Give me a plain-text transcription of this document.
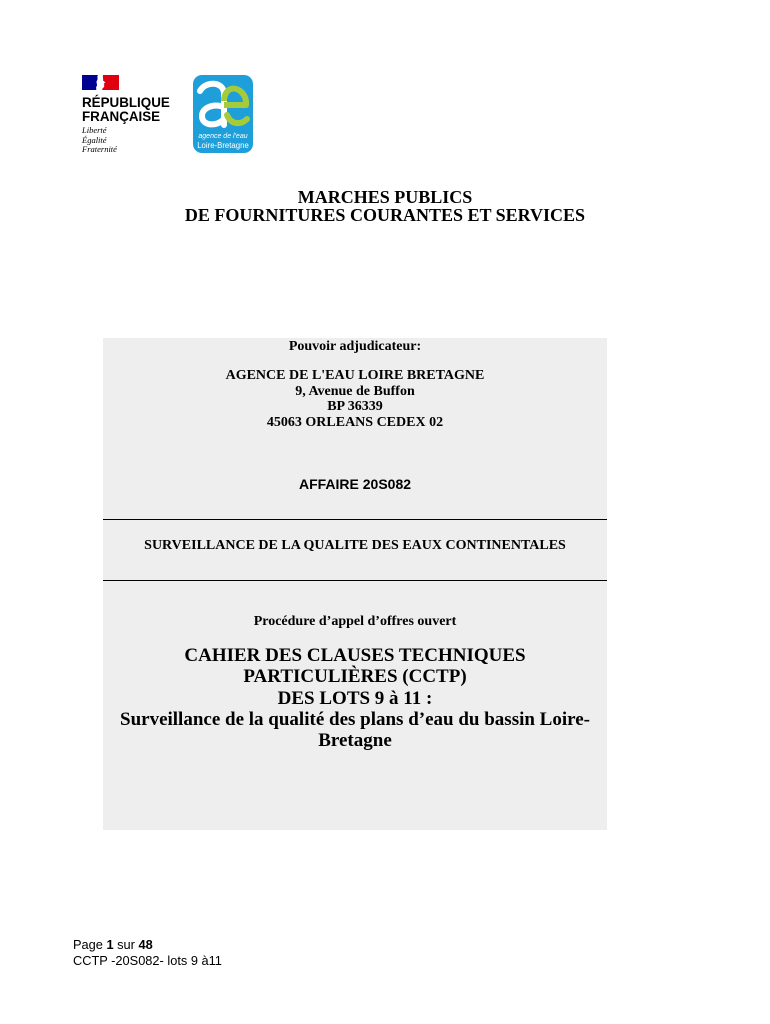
RÉPUBLIQUE
FRANÇAISE
Liberté
Égalité
Fraternité
agence de l'eau
Loire-Bretagne
MARCHES PUBLICS
DE FOURNITURES COURANTES ET SERVICES
Pouvoir adjudicateur:
AGENCE DE L'EAU LOIRE BRETAGNE
9, Avenue de Buffon
BP 36339
45063 ORLEANS CEDEX 02
AFFAIRE 20S082
SURVEILLANCE DE LA QUALITE DES EAUX CONTINENTALES
Procédure d’appel d’offres ouvert
CAHIER DES CLAUSES TECHNIQUES
PARTICULIÈRES (CCTP)
DES LOTS 9 à 11 :
Surveillance de la qualité des plans d’eau du bassin Loire-
Bretagne
Page 1 sur 48
CCTP -20S082- lots 9 à11
